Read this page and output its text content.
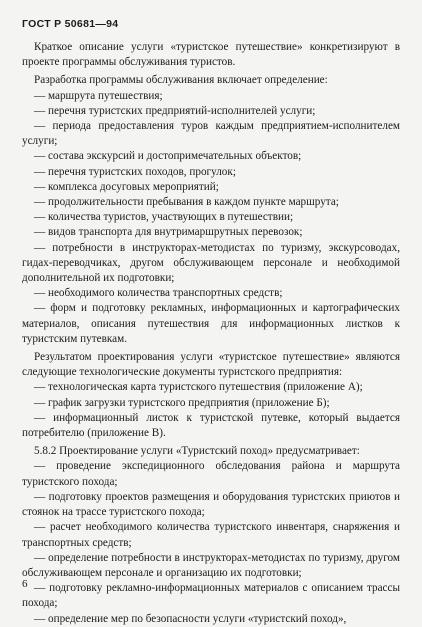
ГОСТ Р 50681—94

Краткое описание услуги «туристское путешествие» конкретизируют в проекте программы обслуживания туристов.

Разработка программы обслуживания включает определение:

— маршрута путешествия;

— перечня туристских предприятий-исполнителей услуги;

— периода предоставления туров каждым предприятием-исполнителем услуги;

— состава экскурсий и достопримечательных объектов;

— перечня туристских походов, прогулок;

— комплекса досуговых мероприятий;

— продолжительности пребывания в каждом пункте маршрута;

— количества туристов, участвующих в путешествии;

— видов транспорта для внутримаршрутных перевозок;

— потребности в инструкторах-методистах по туризму, экскурсоводах, гидах-переводчиках, другом обслуживающем персонале и необходимой дополнительной их подготовки;

— необходимого количества транспортных средств;

— форм и подготовку рекламных, информационных и картографических материалов, описания путешествия для информационных листков к туристским путевкам.

Результатом проектирования услуги «туристское путешествие» являются следующие технологические документы туристского предприятия:

— технологическая карта туристского путешествия (приложение А);

— график загрузки туристского предприятия (приложение Б);

— информационный листок к туристской путевке, который выдается потребителю (приложение В).

5.8.2 Проектирование услуги «Туристский поход» предусматривает:

— проведение экспедиционного обследования района и маршрута туристского похода;

— подготовку проектов размещения и оборудования туристских приютов и стоянок на трассе туристского похода;

— расчет необходимого количества туристского инвентаря, снаряжения и транспортных средств;

— определение потребности в инструкторах-методистах по туризму, другом обслуживающем персонале и организацию их подготовки;

— подготовку рекламно-информационных материалов с описанием трассы похода;

— определение мер по безопасности услуги «туристский поход»,

6
